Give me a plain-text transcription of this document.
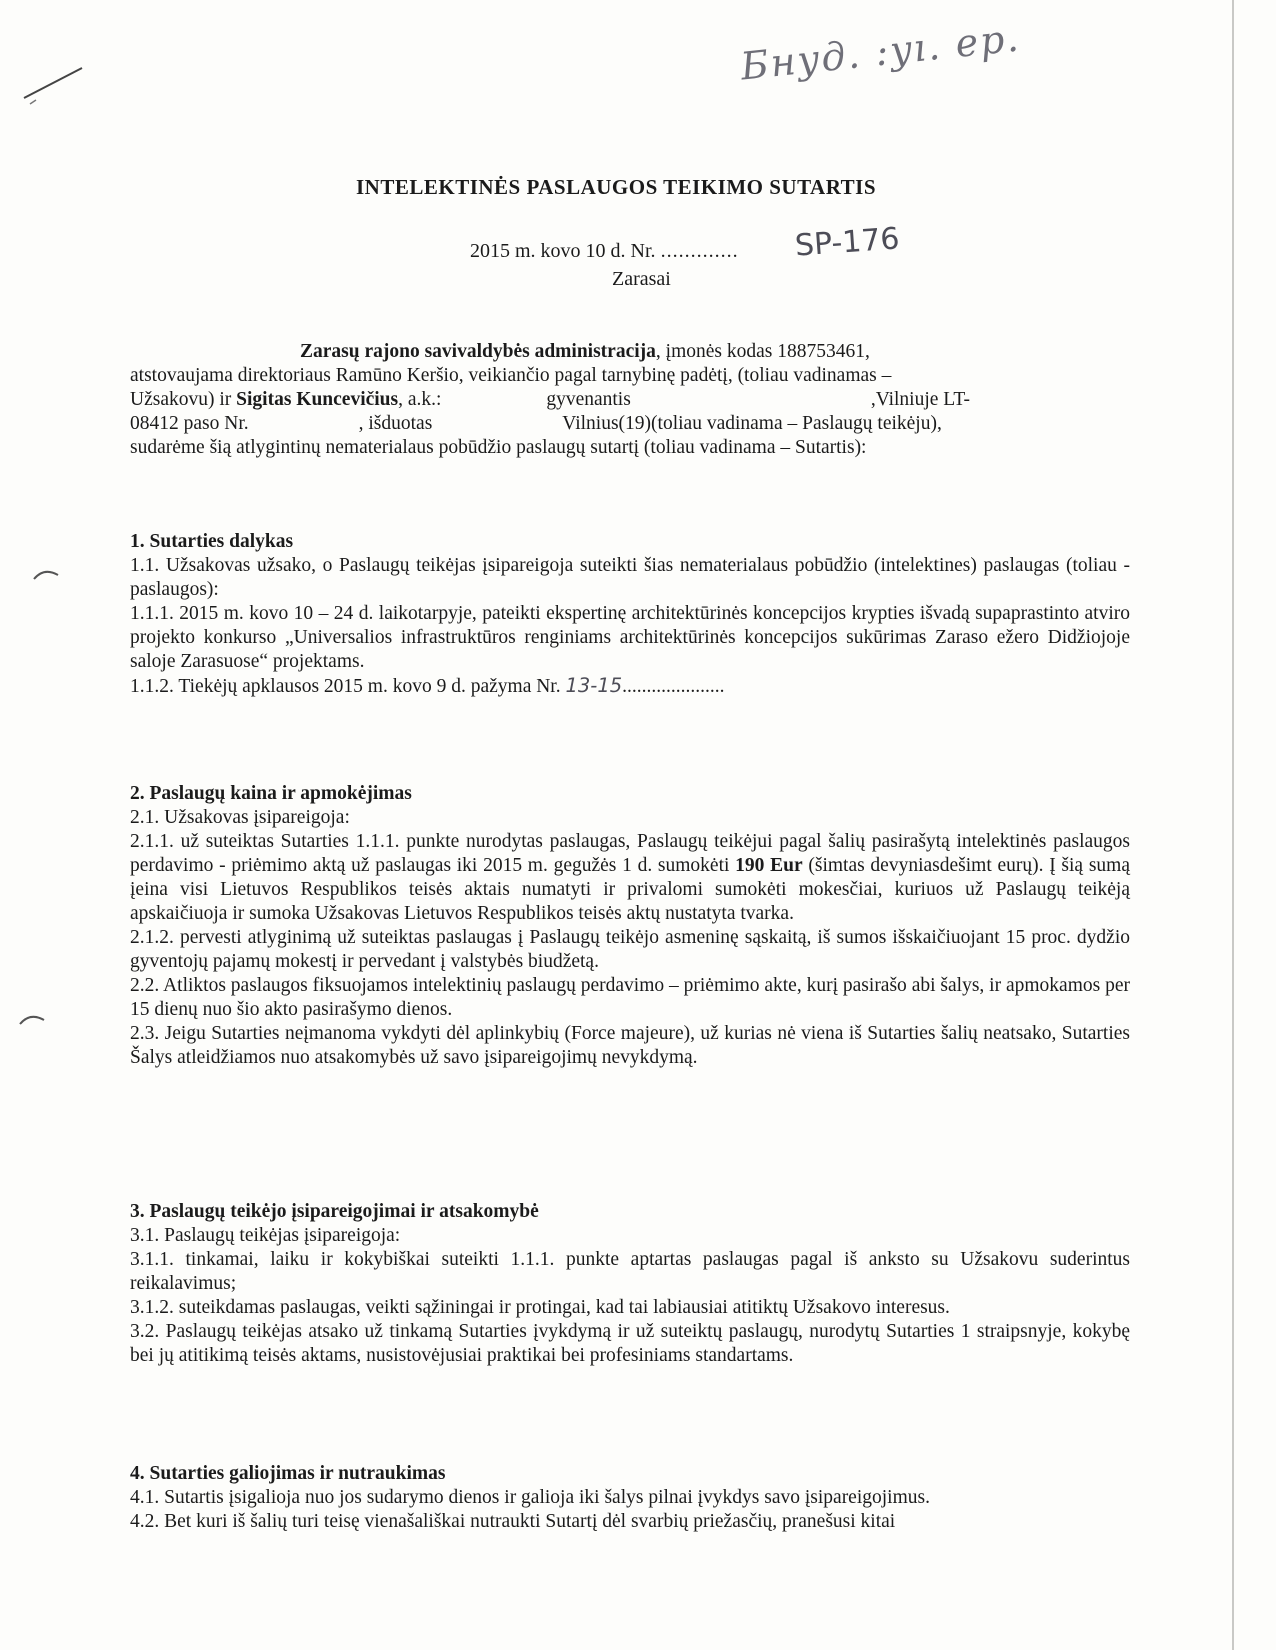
Бнуд. ։yı. ep.
INTELEKTINĖS PASLAUGOS TEIKIMO SUTARTIS
2015 m. kovo 10 d. Nr. ............. SP-176
Zarasai

Zarasų rajono savivaldybės administracija, įmonės kodas 188753461,

atstovaujama direktoriaus Ramūno Keršio, veikiančio pagal tarnybinę padėtį, (toliau vadinamas –

Užsakovu) ir Sigitas Kuncevičius, a.k.:	gyvenantis	,Vilniuje LT-

08412 paso Nr.	, išduotas	Vilnius(19)(toliau vadinama – Paslaugų teikėju),

sudarėme šią atlygintinų nematerialaus pobūdžio paslaugų sutartį (toliau vadinama – Sutartis):

1. Sutarties dalykas

1.1. Užsakovas užsako, o Paslaugų teikėjas įsipareigoja suteikti šias nematerialaus pobūdžio (intelektines) paslaugas (toliau - paslaugos):

1.1.1. 2015 m. kovo 10 – 24 d. laikotarpyje, pateikti ekspertinę architektūrinės koncepcijos krypties išvadą supaprastinto atviro projekto konkurso „Universalios infrastruktūros renginiams architektūrinės koncepcijos sukūrimas Zaraso ežero Didžiojoje saloje Zarasuose“ projektams.

1.1.2. Tiekėjų apklausos 2015 m. kovo 9 d. pažyma Nr. 13-15.....................

2. Paslaugų kaina ir apmokėjimas

2.1. Užsakovas įsipareigoja:

2.1.1. už suteiktas Sutarties 1.1.1. punkte nurodytas paslaugas, Paslaugų teikėjui pagal šalių pasirašytą intelektinės paslaugos perdavimo - priėmimo aktą už paslaugas iki 2015 m. gegužės 1 d. sumokėti 190 Eur (šimtas devyniasdešimt eurų). Į šią sumą įeina visi Lietuvos Respublikos teisės aktais numatyti ir privalomi sumokėti mokesčiai, kuriuos už Paslaugų teikėją apskaičiuoja ir sumoka Užsakovas Lietuvos Respublikos teisės aktų nustatyta tvarka.

2.1.2. pervesti atlyginimą už suteiktas paslaugas į Paslaugų teikėjo asmeninę sąskaitą, iš sumos išskaičiuojant 15 proc. dydžio gyventojų pajamų mokestį ir pervedant į valstybės biudžetą.

2.2. Atliktos paslaugos fiksuojamos intelektinių paslaugų perdavimo – priėmimo akte, kurį pasirašo abi šalys, ir apmokamos per 15 dienų nuo šio akto pasirašymo dienos.

2.3. Jeigu Sutarties neįmanoma vykdyti dėl aplinkybių (Force majeure), už kurias nė viena iš Sutarties šalių neatsako, Sutarties Šalys atleidžiamos nuo atsakomybės už savo įsipareigojimų nevykdymą.

3. Paslaugų teikėjo įsipareigojimai ir atsakomybė

3.1. Paslaugų teikėjas įsipareigoja:

3.1.1. tinkamai, laiku ir kokybiškai suteikti 1.1.1. punkte aptartas paslaugas pagal iš anksto su Užsakovu suderintus reikalavimus;

3.1.2. suteikdamas paslaugas, veikti sąžiningai ir protingai, kad tai labiausiai atitiktų Užsakovo interesus.

3.2. Paslaugų teikėjas atsako už tinkamą Sutarties įvykdymą ir už suteiktų paslaugų, nurodytų Sutarties 1 straipsnyje, kokybę bei jų atitikimą teisės aktams, nusistovėjusiai praktikai bei profesiniams standartams.

4. Sutarties galiojimas ir nutraukimas

4.1. Sutartis įsigalioja nuo jos sudarymo dienos ir galioja iki šalys pilnai įvykdys savo įsipareigojimus.

4.2. Bet kuri iš šalių turi teisę vienašališkai nutraukti Sutartį dėl svarbių priežasčių, pranešusi kitai
